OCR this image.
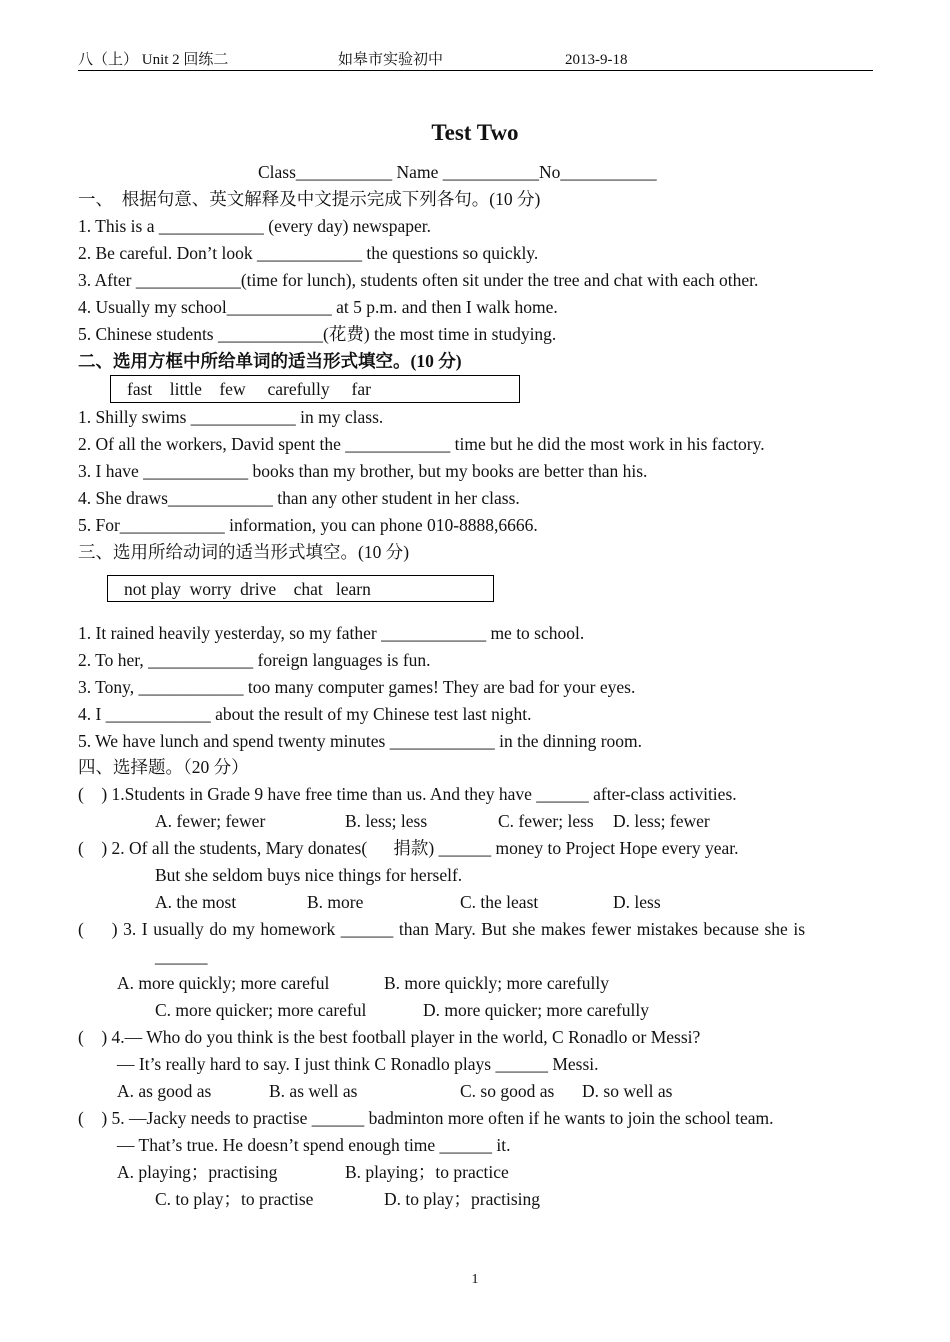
八（上） Unit 2 回练二	如皋市实验初中	2013-9-18
Test Two
Class___________ Name ___________No___________
一、  根据句意、英文解释及中文提示完成下列各句。(10 分)
1. This is a ____________ (every day) newspaper.
2. Be careful. Don’t look ____________ the questions so quickly.
3. After ____________(time for lunch), students often sit under the tree and chat with each other.
4. Usually my school____________ at 5 p.m. and then I walk home.
5. Chinese students ____________(花费) the most time in studying.
二、选用方框中所给单词的适当形式填空。(10 分)
fast    little    few     carefully     far
1. Shilly swims ____________ in my class.
2. Of all the workers, David spent the ____________ time but he did the most work in his factory.
3. I have ____________ books than my brother, but my books are better than his.
4. She draws____________ than any other student in her class.
5. For____________ information, you can phone 010-8888,6666.
三、选用所给动词的适当形式填空。(10 分)
not play  worry  drive    chat   learn
1. It rained heavily yesterday, so my father ____________ me to school.
2. To her, ____________ foreign languages is fun.
3. Tony, ____________ too many computer games! They are bad for your eyes.
4. I ____________ about the result of my Chinese test last night.
5. We have lunch and spend twenty minutes ____________ in the dinning room.
四、选择题。（20 分）
(    ) 1.Students in Grade 9 have free time than us. And they have ______ after-class activities.
A. fewer; fewer	B. less; less	C. fewer; less D. less; fewer
(    ) 2. Of all the students, Mary donates(      捐款) ______ money to Project Hope every year.
But she seldom buys nice things for herself.
A. the most	B. more	C. the least	D. less
(     ) 3. I usually do my homework ______ than Mary. But she makes fewer mistakes because she is
______
A. more quickly; more careful	B. more quickly; more carefully
C. more quicker; more careful	D. more quicker; more carefully
(    ) 4.— Who do you think is the best football player in the world, C Ronadlo or Messi?
— It’s really hard to say. I just think C Ronadlo plays ______ Messi.
A. as good as	B. as well as	C. so good as D. so well as
(    ) 5. —Jacky needs to practise ______ badminton more often if he wants to join the school team.
— That’s true. He doesn’t spend enough time ______ it.
A. playing；practising	B. playing；to practice
C. to play；to practise	D. to play；practising
1
